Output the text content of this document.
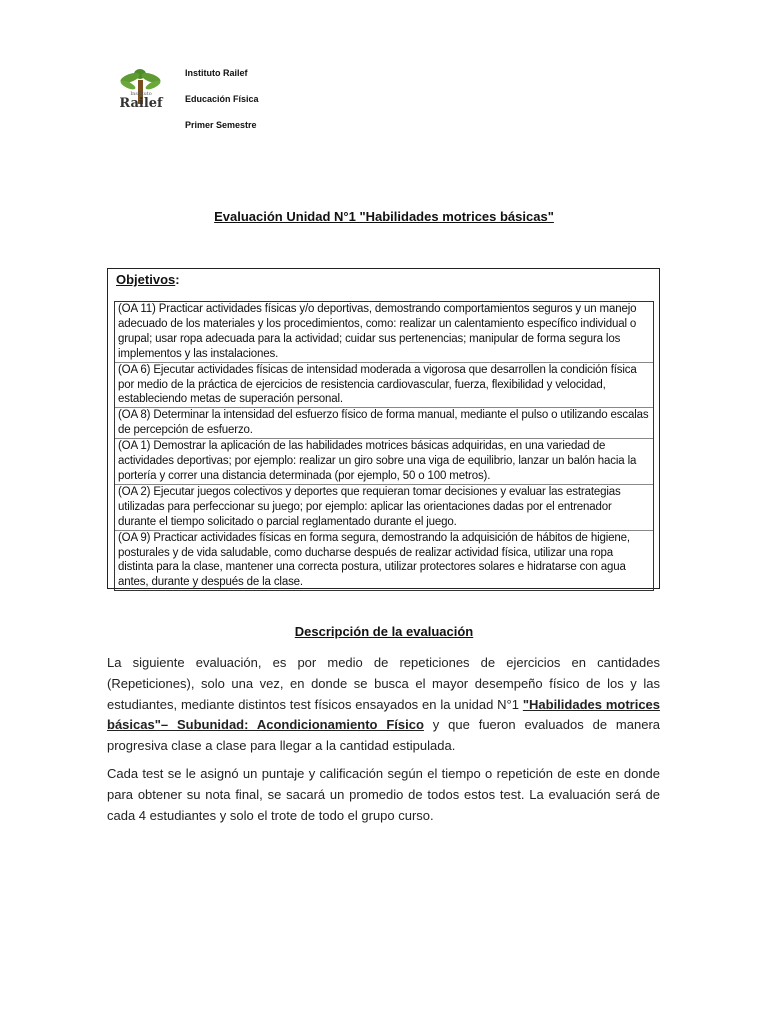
Instituto
Railef
Instituto Railef
Educación Física
Primer Semestre
Evaluación Unidad N°1 "Habilidades motrices básicas"
Objetivos:
(OA 11) Practicar actividades físicas y/o deportivas, demostrando comportamientos seguros y un manejo adecuado de los materiales y los procedimientos, como: realizar un calentamiento específico individual o grupal; usar ropa adecuada para la actividad; cuidar sus pertenencias; manipular de forma segura los implementos y las instalaciones.
(OA 6) Ejecutar actividades físicas de intensidad moderada a vigorosa que desarrollen la condición física por medio de la práctica de ejercicios de resistencia cardiovascular, fuerza, flexibilidad y velocidad, estableciendo metas de superación personal.
(OA 8) Determinar la intensidad del esfuerzo físico de forma manual, mediante el pulso o utilizando escalas de percepción de esfuerzo.
(OA 1) Demostrar la aplicación de las habilidades motrices básicas adquiridas, en una variedad de actividades deportivas; por ejemplo: realizar un giro sobre una viga de equilibrio, lanzar un balón hacia la portería y correr una distancia determinada (por ejemplo, 50 o 100 metros).
(OA 2) Ejecutar juegos colectivos y deportes que requieran tomar decisiones y evaluar las estrategias utilizadas para perfeccionar su juego; por ejemplo: aplicar las orientaciones dadas por el entrenador durante el tiempo solicitado o parcial reglamentado durante el juego.
(OA 9) Practicar actividades físicas en forma segura, demostrando la adquisición de hábitos de higiene, posturales y de vida saludable, como ducharse después de realizar actividad física, utilizar una ropa distinta para la clase, mantener una correcta postura, utilizar protectores solares e hidratarse con agua antes, durante y después de la clase.
Descripción de la evaluación
La siguiente evaluación, es por medio de repeticiones de ejercicios en cantidades (Repeticiones), solo una vez, en donde se busca el mayor desempeño físico de los y las estudiantes, mediante distintos test físicos ensayados en la unidad N°1 "Habilidades motrices básicas"– Subunidad: Acondicionamiento Físico y que fueron evaluados de manera progresiva clase a clase para llegar a la cantidad estipulada.
Cada test se le asignó un puntaje y calificación según el tiempo o repetición de este en donde para obtener su nota final, se sacará un promedio de todos estos test. La evaluación será de cada 4 estudiantes y solo el trote de todo el grupo curso.
